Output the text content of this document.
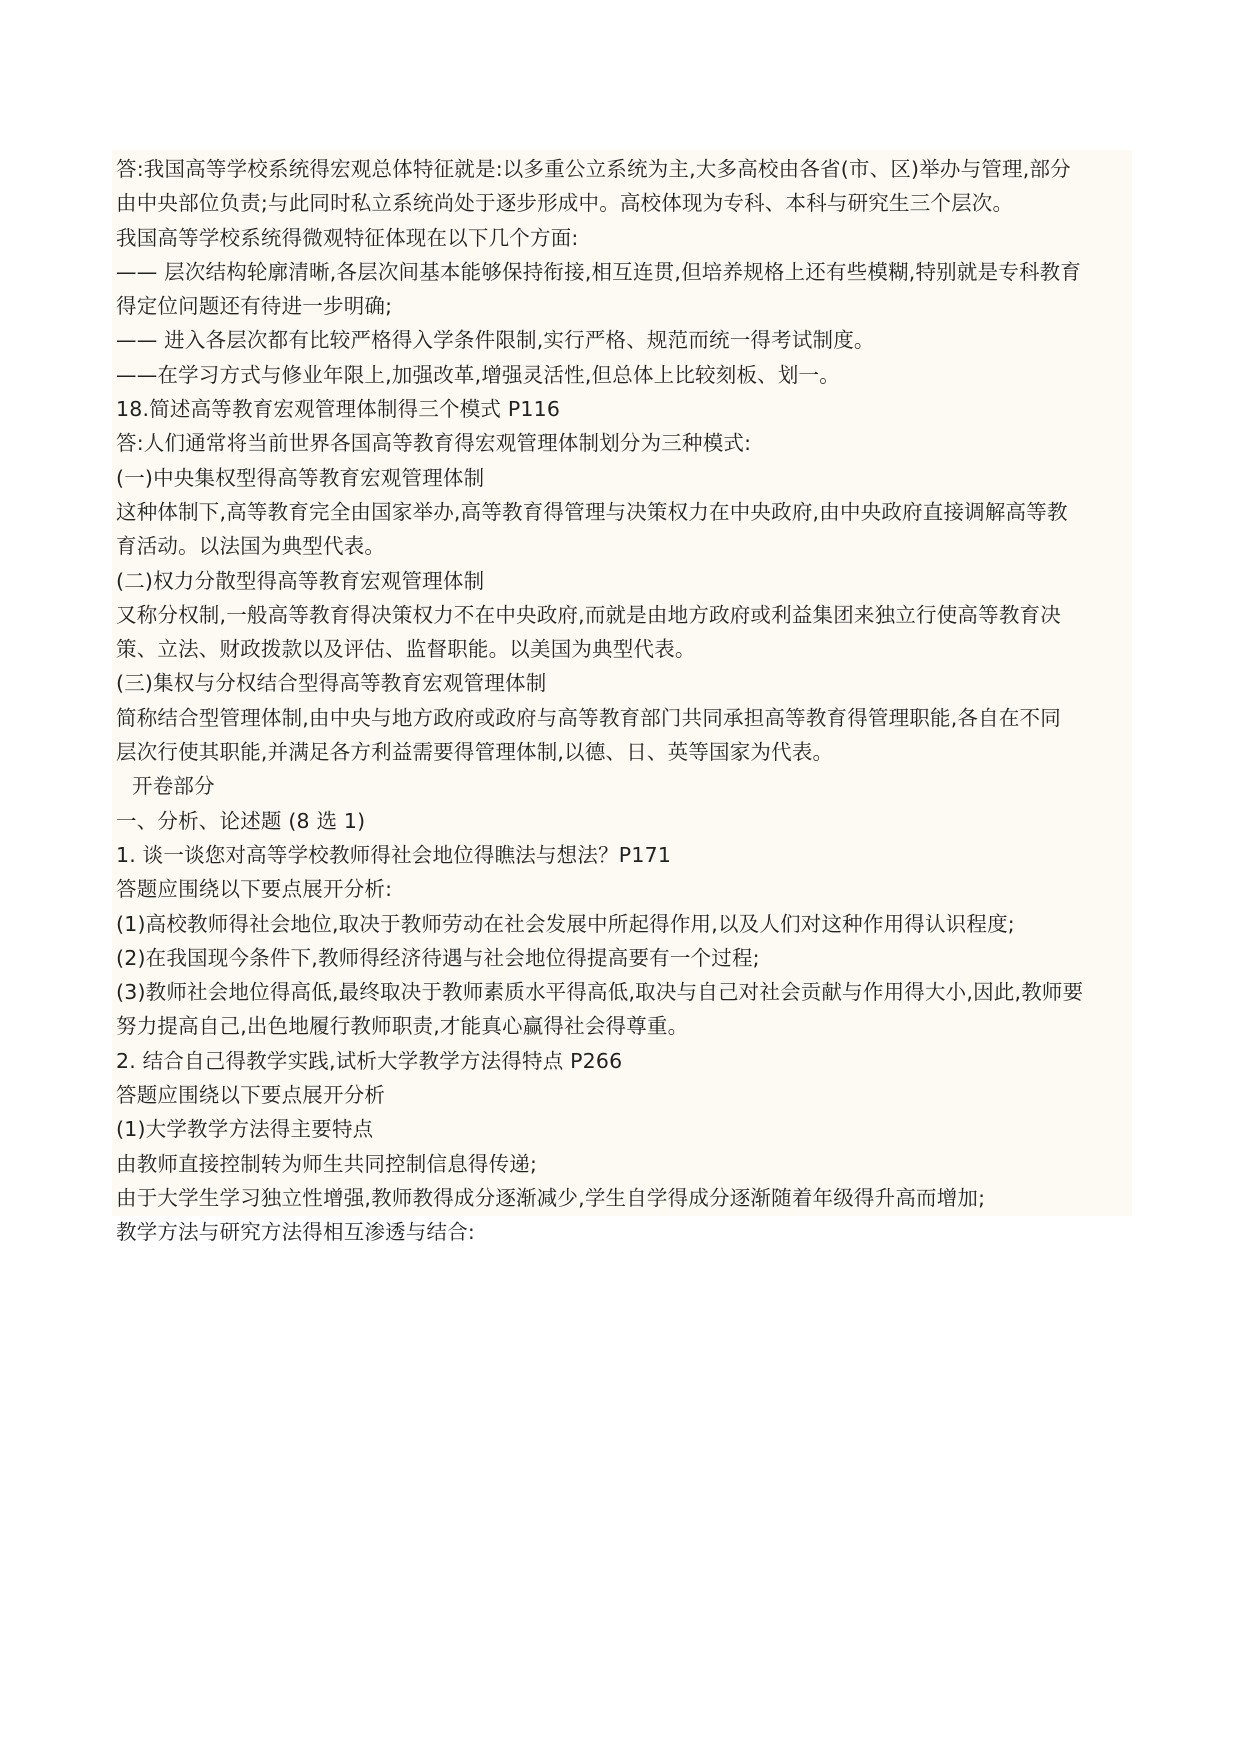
答:我国高等学校系统得宏观总体特征就是:以多重公立系统为主,大多高校由各省(市、区)举办与管理,部分
由中央部位负责;与此同时私立系统尚处于逐步形成中。高校体现为专科、本科与研究生三个层次。
我国高等学校系统得微观特征体现在以下几个方面:
—— 层次结构轮廓清晰,各层次间基本能够保持衔接,相互连贯,但培养规格上还有些模糊,特别就是专科教育
得定位问题还有待进一步明确;
—— 进入各层次都有比较严格得入学条件限制,实行严格、规范而统一得考试制度。
——在学习方式与修业年限上,加强改革,增强灵活性,但总体上比较刻板、划一。
18.简述高等教育宏观管理体制得三个模式 P116
答:人们通常将当前世界各国高等教育得宏观管理体制划分为三种模式:
(一)中央集权型得高等教育宏观管理体制
这种体制下,高等教育完全由国家举办,高等教育得管理与决策权力在中央政府,由中央政府直接调解高等教
育活动。以法国为典型代表。
(二)权力分散型得高等教育宏观管理体制
又称分权制,一般高等教育得决策权力不在中央政府,而就是由地方政府或利益集团来独立行使高等教育决
策、立法、财政拨款以及评估、监督职能。以美国为典型代表。
(三)集权与分权结合型得高等教育宏观管理体制
简称结合型管理体制,由中央与地方政府或政府与高等教育部门共同承担高等教育得管理职能,各自在不同
层次行使其职能,并满足各方利益需要得管理体制,以德、日、英等国家为代表。
开卷部分
一、分析、论述题 (8 选 1)
1. 谈一谈您对高等学校教师得社会地位得瞧法与想法？P171
答题应围绕以下要点展开分析:
(1)高校教师得社会地位,取决于教师劳动在社会发展中所起得作用,以及人们对这种作用得认识程度;
(2)在我国现今条件下,教师得经济待遇与社会地位得提高要有一个过程;
(3)教师社会地位得高低,最终取决于教师素质水平得高低,取决与自己对社会贡献与作用得大小,因此,教师要
努力提高自己,出色地履行教师职责,才能真心赢得社会得尊重。
2. 结合自己得教学实践,试析大学教学方法得特点 P266
答题应围绕以下要点展开分析
(1)大学教学方法得主要特点
由教师直接控制转为师生共同控制信息得传递;
由于大学生学习独立性增强,教师教得成分逐渐减少,学生自学得成分逐渐随着年级得升高而增加;
教学方法与研究方法得相互渗透与结合:
